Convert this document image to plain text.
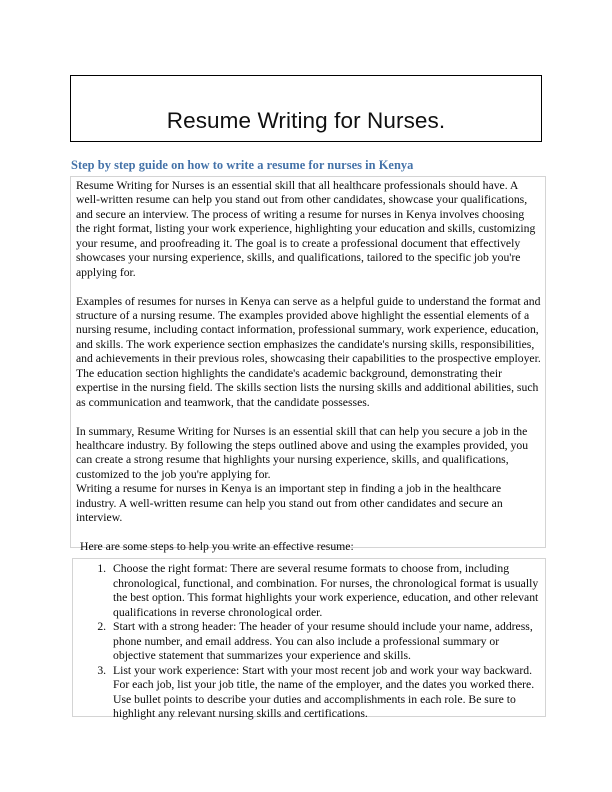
Resume Writing for Nurses.
Step by step guide on how to write a resume for nurses in Kenya

Resume Writing for Nurses is an essential skill that all healthcare professionals should have. A well-written resume can help you stand out from other candidates, showcase your qualifications, and secure an interview. The process of writing a resume for nurses in Kenya involves choosing the right format, listing your work experience, highlighting your education and skills, customizing your resume, and proofreading it. The goal is to create a professional document that effectively showcases your nursing experience, skills, and qualifications, tailored to the specific job you're applying for.

Examples of resumes for nurses in Kenya can serve as a helpful guide to understand the format and structure of a nursing resume. The examples provided above highlight the essential elements of a nursing resume, including contact information, professional summary, work experience, education, and skills. The work experience section emphasizes the candidate's nursing skills, responsibilities, and achievements in their previous roles, showcasing their capabilities to the prospective employer. The education section highlights the candidate's academic background, demonstrating their expertise in the nursing field. The skills section lists the nursing skills and additional abilities, such as communication and teamwork, that the candidate possesses.

In summary, Resume Writing for Nurses is an essential skill that can help you secure a job in the healthcare industry. By following the steps outlined above and using the examples provided, you can create a strong resume that highlights your nursing experience, skills, and qualifications, customized to the job you're applying for.

Writing a resume for nurses in Kenya is an important step in finding a job in the healthcare industry. A well-written resume can help you stand out from other candidates and secure an interview.

Here are some steps to help you write an effective resume:

1. Choose the right format: There are several resume formats to choose from, including chronological, functional, and combination. For nurses, the chronological format is usually the best option. This format highlights your work experience, education, and other relevant qualifications in reverse chronological order.
2. Start with a strong header: The header of your resume should include your name, address, phone number, and email address. You can also include a professional summary or objective statement that summarizes your experience and skills.
3. List your work experience: Start with your most recent job and work your way backward. For each job, list your job title, the name of the employer, and the dates you worked there. Use bullet points to describe your duties and accomplishments in each role. Be sure to highlight any relevant nursing skills and certifications.
